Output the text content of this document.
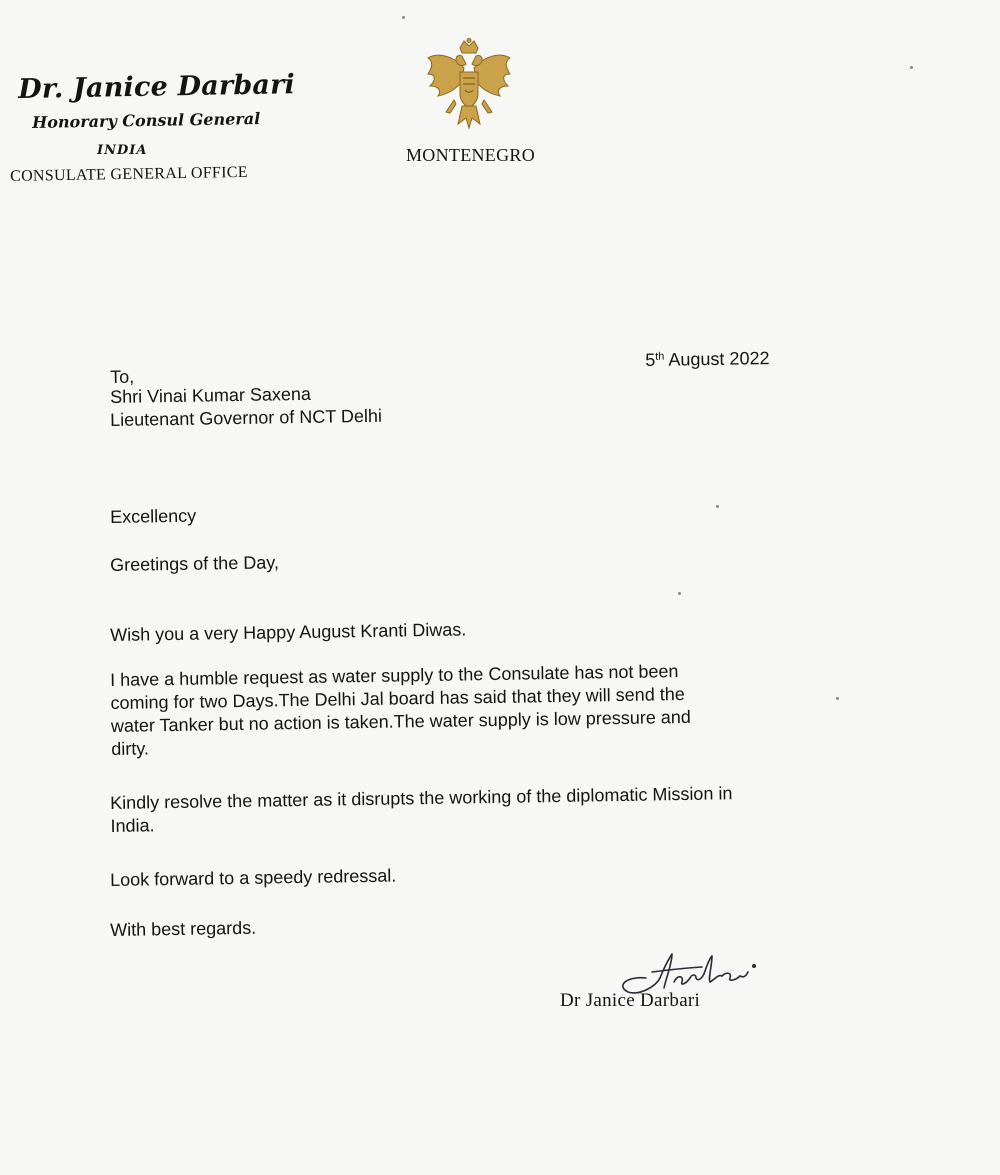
Dr. Janice Darbari
Honorary Consul General
INDIA
CONSULATE GENERAL OFFICE
MONTENEGRO
5th August 2022
To,
Shri Vinai Kumar Saxena
Lieutenant Governor of NCT Delhi
Excellency
Greetings of the Day,
Wish you a very Happy August Kranti Diwas.
I have a humble request as water supply to the Consulate has not been
coming for two Days.The Delhi Jal board has said that they will send the
water Tanker but no action is taken.The water supply is low pressure and
dirty.
Kindly resolve the matter as it disrupts the working of the diplomatic Mission in
India.
Look forward to a speedy redressal.
With best regards.
Dr Janice Darbari
